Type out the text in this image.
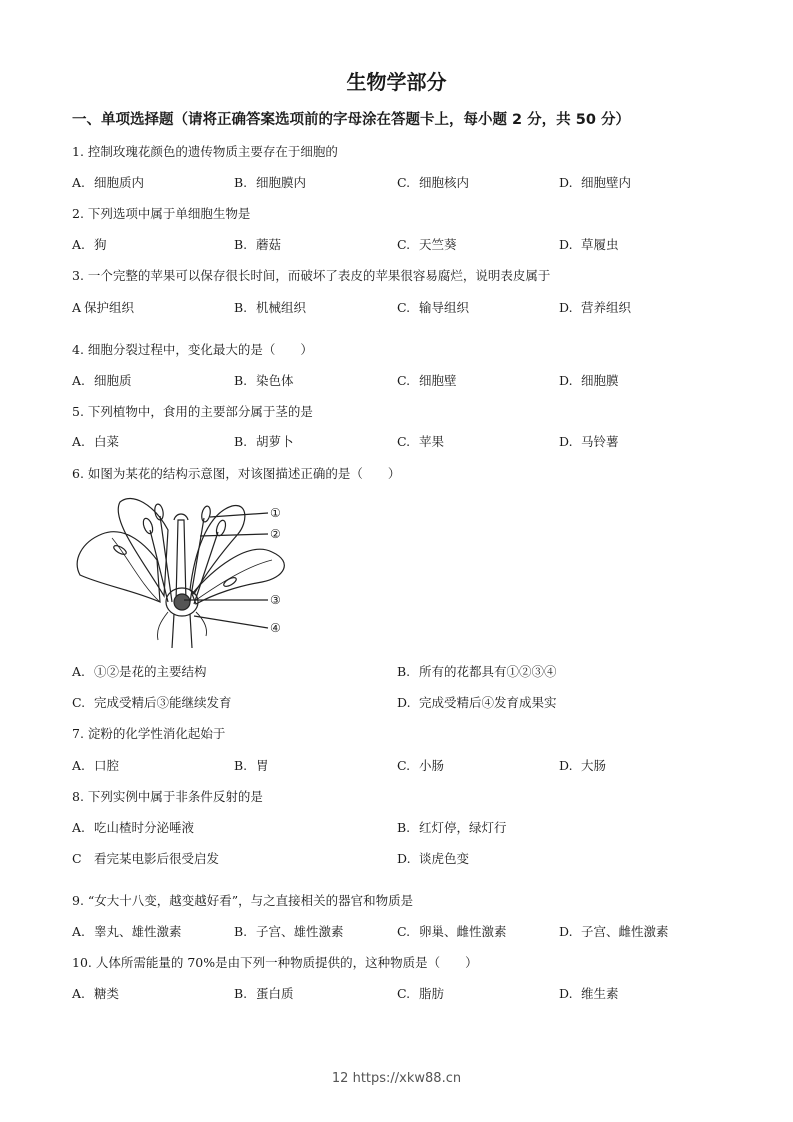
生物学部分
一、单项选择题（请将正确答案选项前的字母涂在答题卡上，每小题 2 分，共 50 分）
1. 控制玫瑰花颜色的遗传物质主要存在于细胞的
A. 细胞质内	B. 细胞膜内	C. 细胞核内	D. 细胞壁内
2. 下列选项中属于单细胞生物是
A. 狗	B. 蘑菇	C. 天竺葵	D. 草履虫
3. 一个完整的苹果可以保存很长时间，而破坏了表皮的苹果很容易腐烂，说明表皮属于
A 保护组织	B. 机械组织	C. 输导组织	D. 营养组织
4. 细胞分裂过程中，变化最大的是（　　）
A. 细胞质	B. 染色体	C. 细胞壁	D. 细胞膜
5. 下列植物中，食用的主要部分属于茎的是
A. 白菜	B. 胡萝卜	C. 苹果	D. 马铃薯
6. 如图为某花的结构示意图，对该图描述正确的是（　　）
①
②
③
④
A. ①②是花的主要结构	B. 所有的花都具有①②③④
C. 完成受精后③能继续发育	D. 完成受精后④发育成果实
7. 淀粉的化学性消化起始于
A. 口腔	B. 胃	C. 小肠	D. 大肠
8. 下列实例中属于非条件反射的是
A. 吃山楂时分泌唾液	B. 红灯停，绿灯行
C 看完某电影后很受启发	D. 谈虎色变
9. “女大十八变，越变越好看”，与之直接相关的器官和物质是
A. 睾丸、雄性激素	B. 子宫、雄性激素	C. 卵巢、雌性激素	D. 子宫、雌性激素
10. 人体所需能量的 70%是由下列一种物质提供的，这种物质是（　　）
A. 糖类	B. 蛋白质	C. 脂肪	D. 维生素
12 https://xkw88.cn
